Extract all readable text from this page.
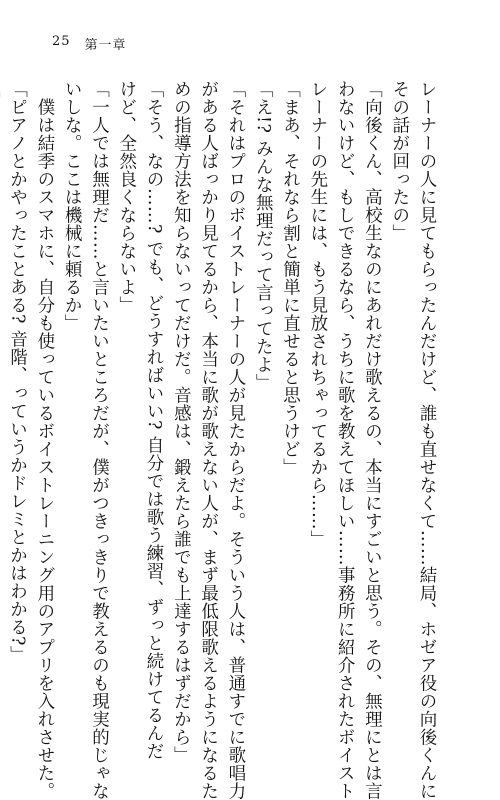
25 第一章
レーナーの人に見てもらったんだけど、誰も直せなくて……結局、ホゼア役の向後くんに
その話が回ったの」
「向後くん、高校生なのにあれだけ歌えるの、本当にすごいと思う。その、無理にとは言
わないけど、もしできるなら、うちに歌を教えてほしい……事務所に紹介されたボイスト
レーナーの先生には、もう見放されちゃってるから……」
「まあ、それなら割と簡単に直せると思うけど」
「え!? みんな無理だって言ってたよ」
「それはプロのボイストレーナーの人が見たからだよ。そういう人は、普通すでに歌唱力
がある人ばっかり見てるから、本当に歌が歌えない人が、まず最低限歌えるようになるた
めの指導方法を知らないってだけだ。音感は、鍛えたら誰でも上達するはずだから」
「そう、なの……? でも、どうすればいい? 自分では歌う練習、ずっと続けてるんだ
けど、全然良くならないよ」
「一人では無理だ……と言いたいところだが、僕がつきっきりで教えるのも現実的じゃな
いしな。ここは機械に頼るか」
　僕は結季のスマホに、自分も使っているボイストレーニング用のアプリを入れさせた。
「ピアノとかやったことある? 音階、っていうかドレミとかはわかる?」
